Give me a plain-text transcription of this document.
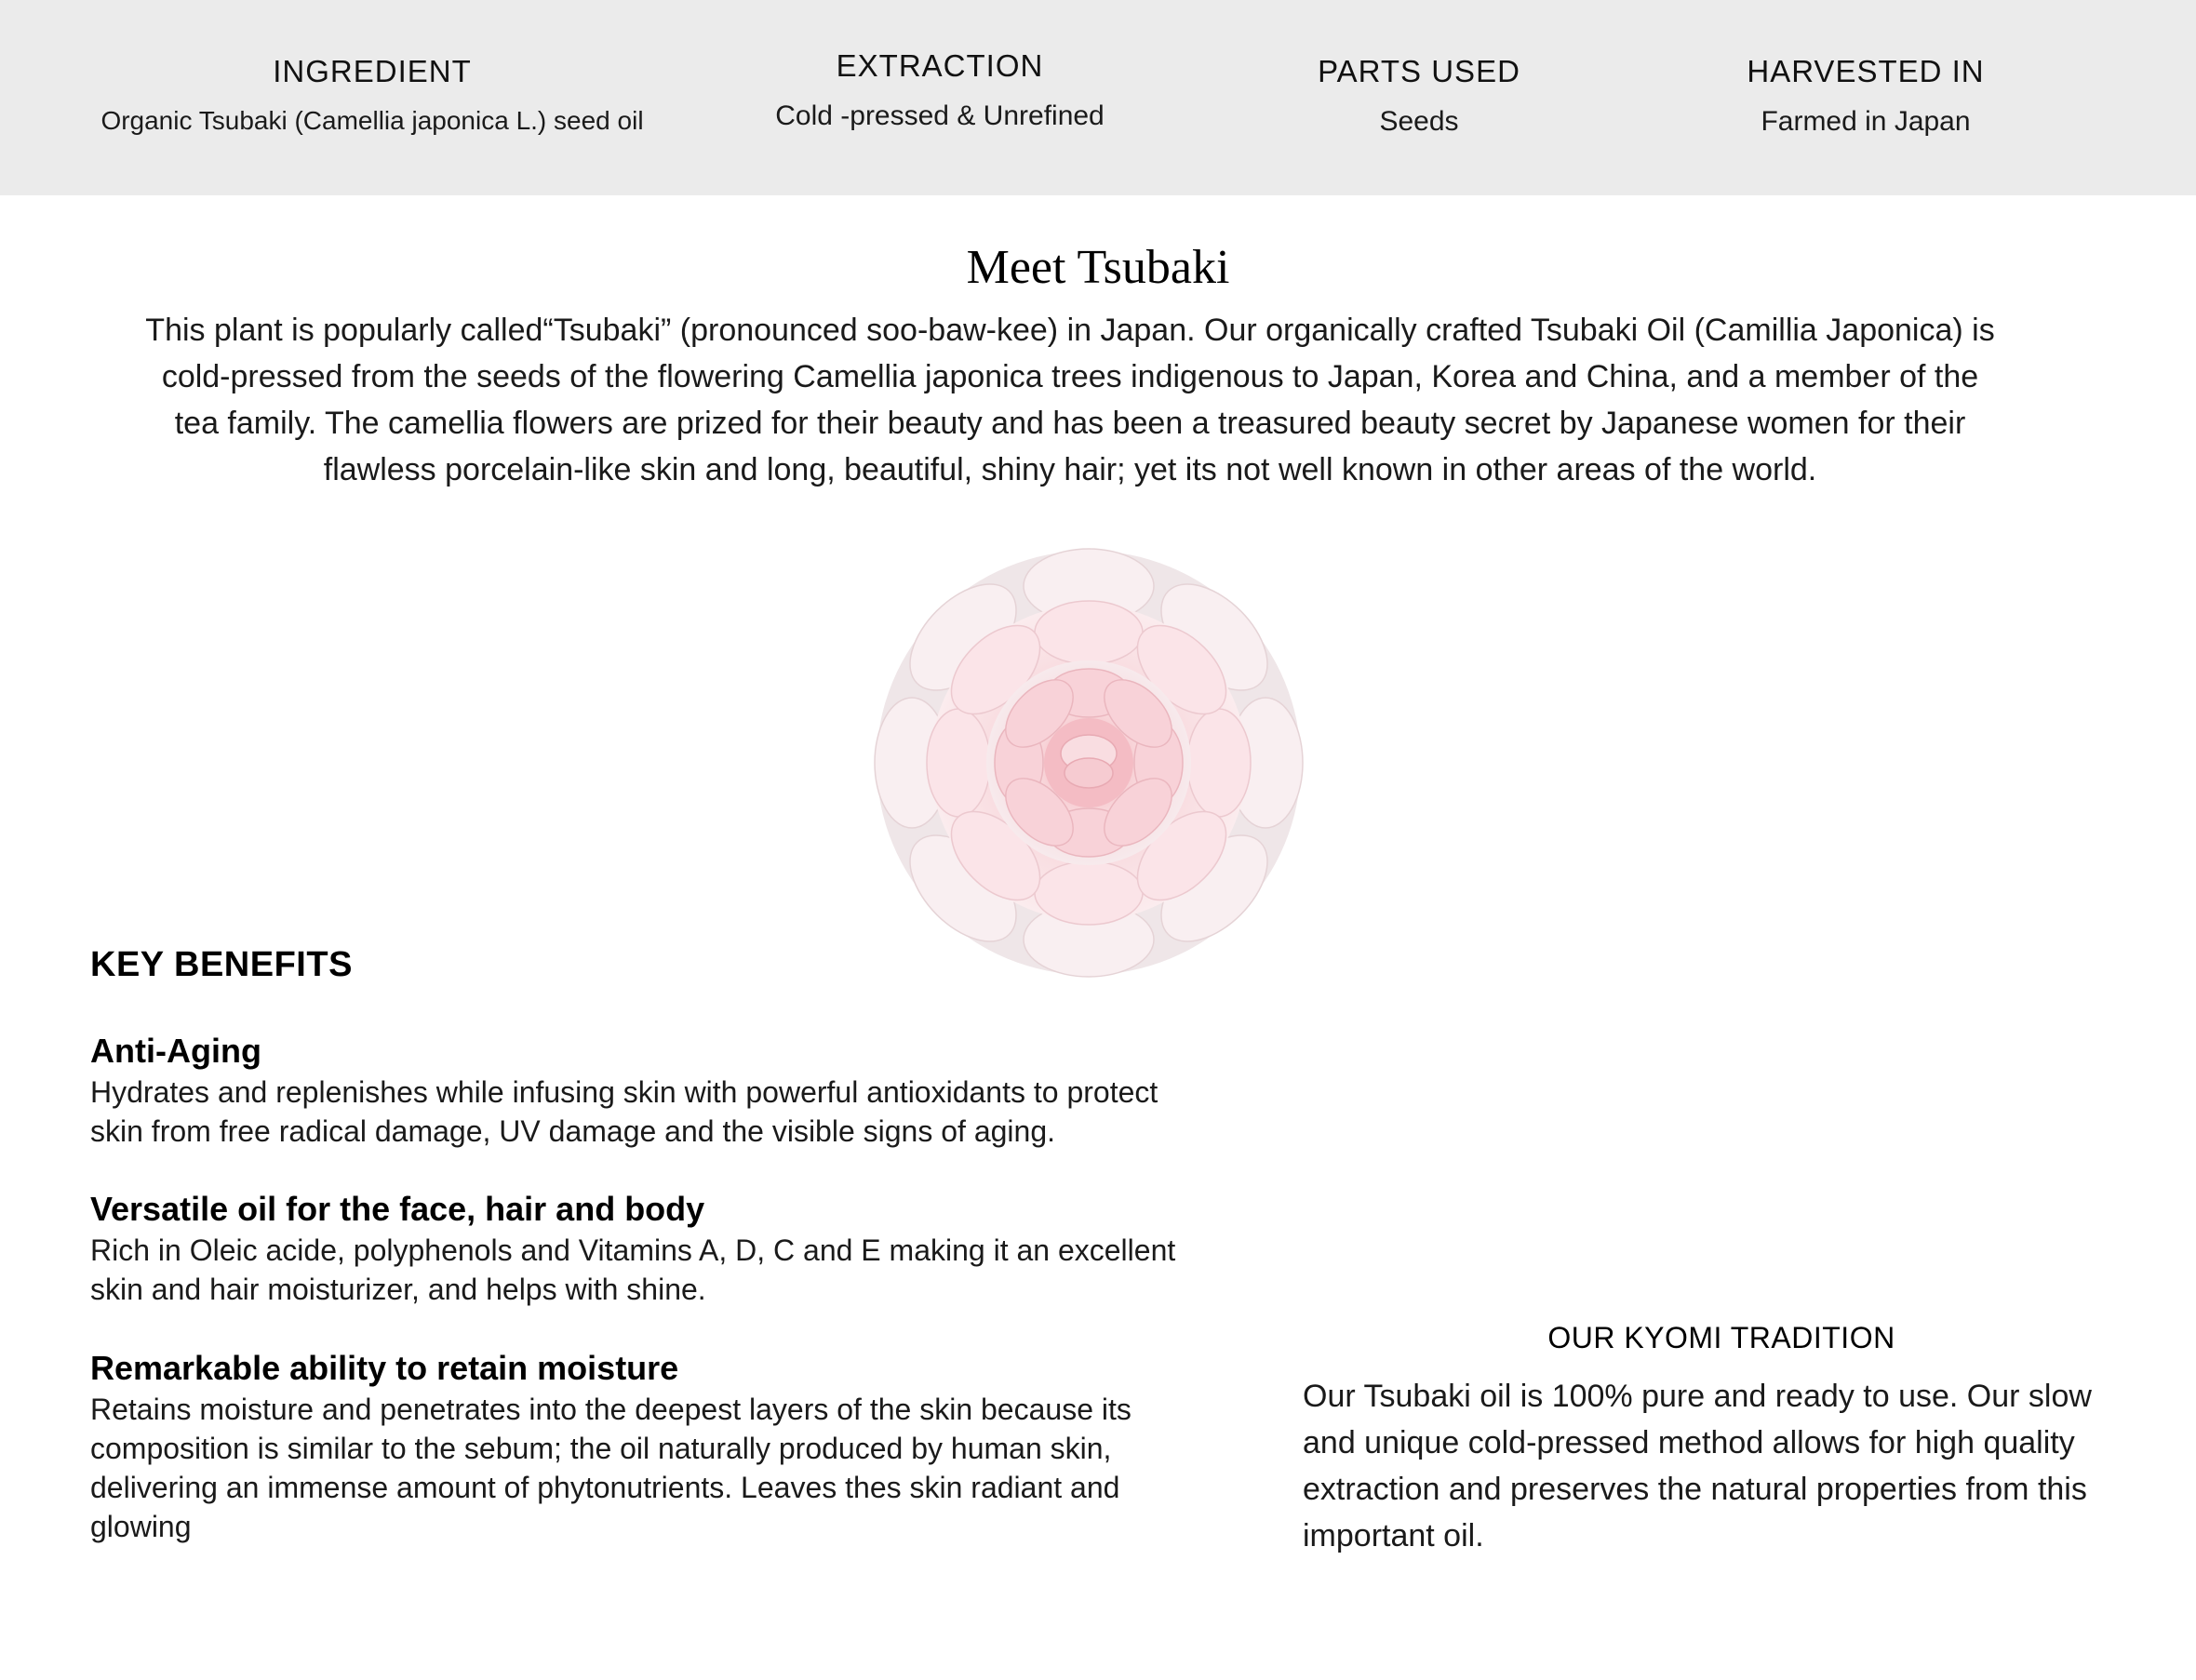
INGREDIENT
Organic Tsubaki (Camellia japonica L.) seed oil
EXTRACTION
Cold -pressed & Unrefined
PARTS USED
Seeds
HARVESTED IN
Farmed in Japan
Meet Tsubaki
This plant is popularly called“Tsubaki” (pronounced soo-baw-kee) in Japan. Our organically crafted Tsubaki Oil (Camillia Japonica) is cold-pressed from the seeds of the flowering Camellia japonica trees indigenous to Japan, Korea and China, and a member of the tea family. The camellia flowers are prized for their beauty and has been a treasured beauty secret by Japanese women for their flawless porcelain-like skin and long, beautiful, shiny hair; yet its not well known in other areas of the world.
KEY BENEFITS
Anti-Aging
Hydrates and replenishes while infusing skin with powerful antioxidants to protect skin from free radical damage, UV damage and the visible signs of aging.
Versatile oil for the face, hair and body
Rich in Oleic acide, polyphenols and Vitamins A, D, C and E making it an excellent skin and hair moisturizer, and helps with shine.
Remarkable ability to retain moisture
Retains moisture and penetrates into the deepest layers of the skin because its composition is similar to the sebum; the oil naturally produced by human skin, delivering an immense amount of phytonutrients. Leaves thes skin radiant and glowing
OUR KYOMI TRADITION
Our Tsubaki oil is 100% pure and ready to use. Our slow and unique cold-pressed method allows for high quality extraction and preserves the natural properties from this important oil.
